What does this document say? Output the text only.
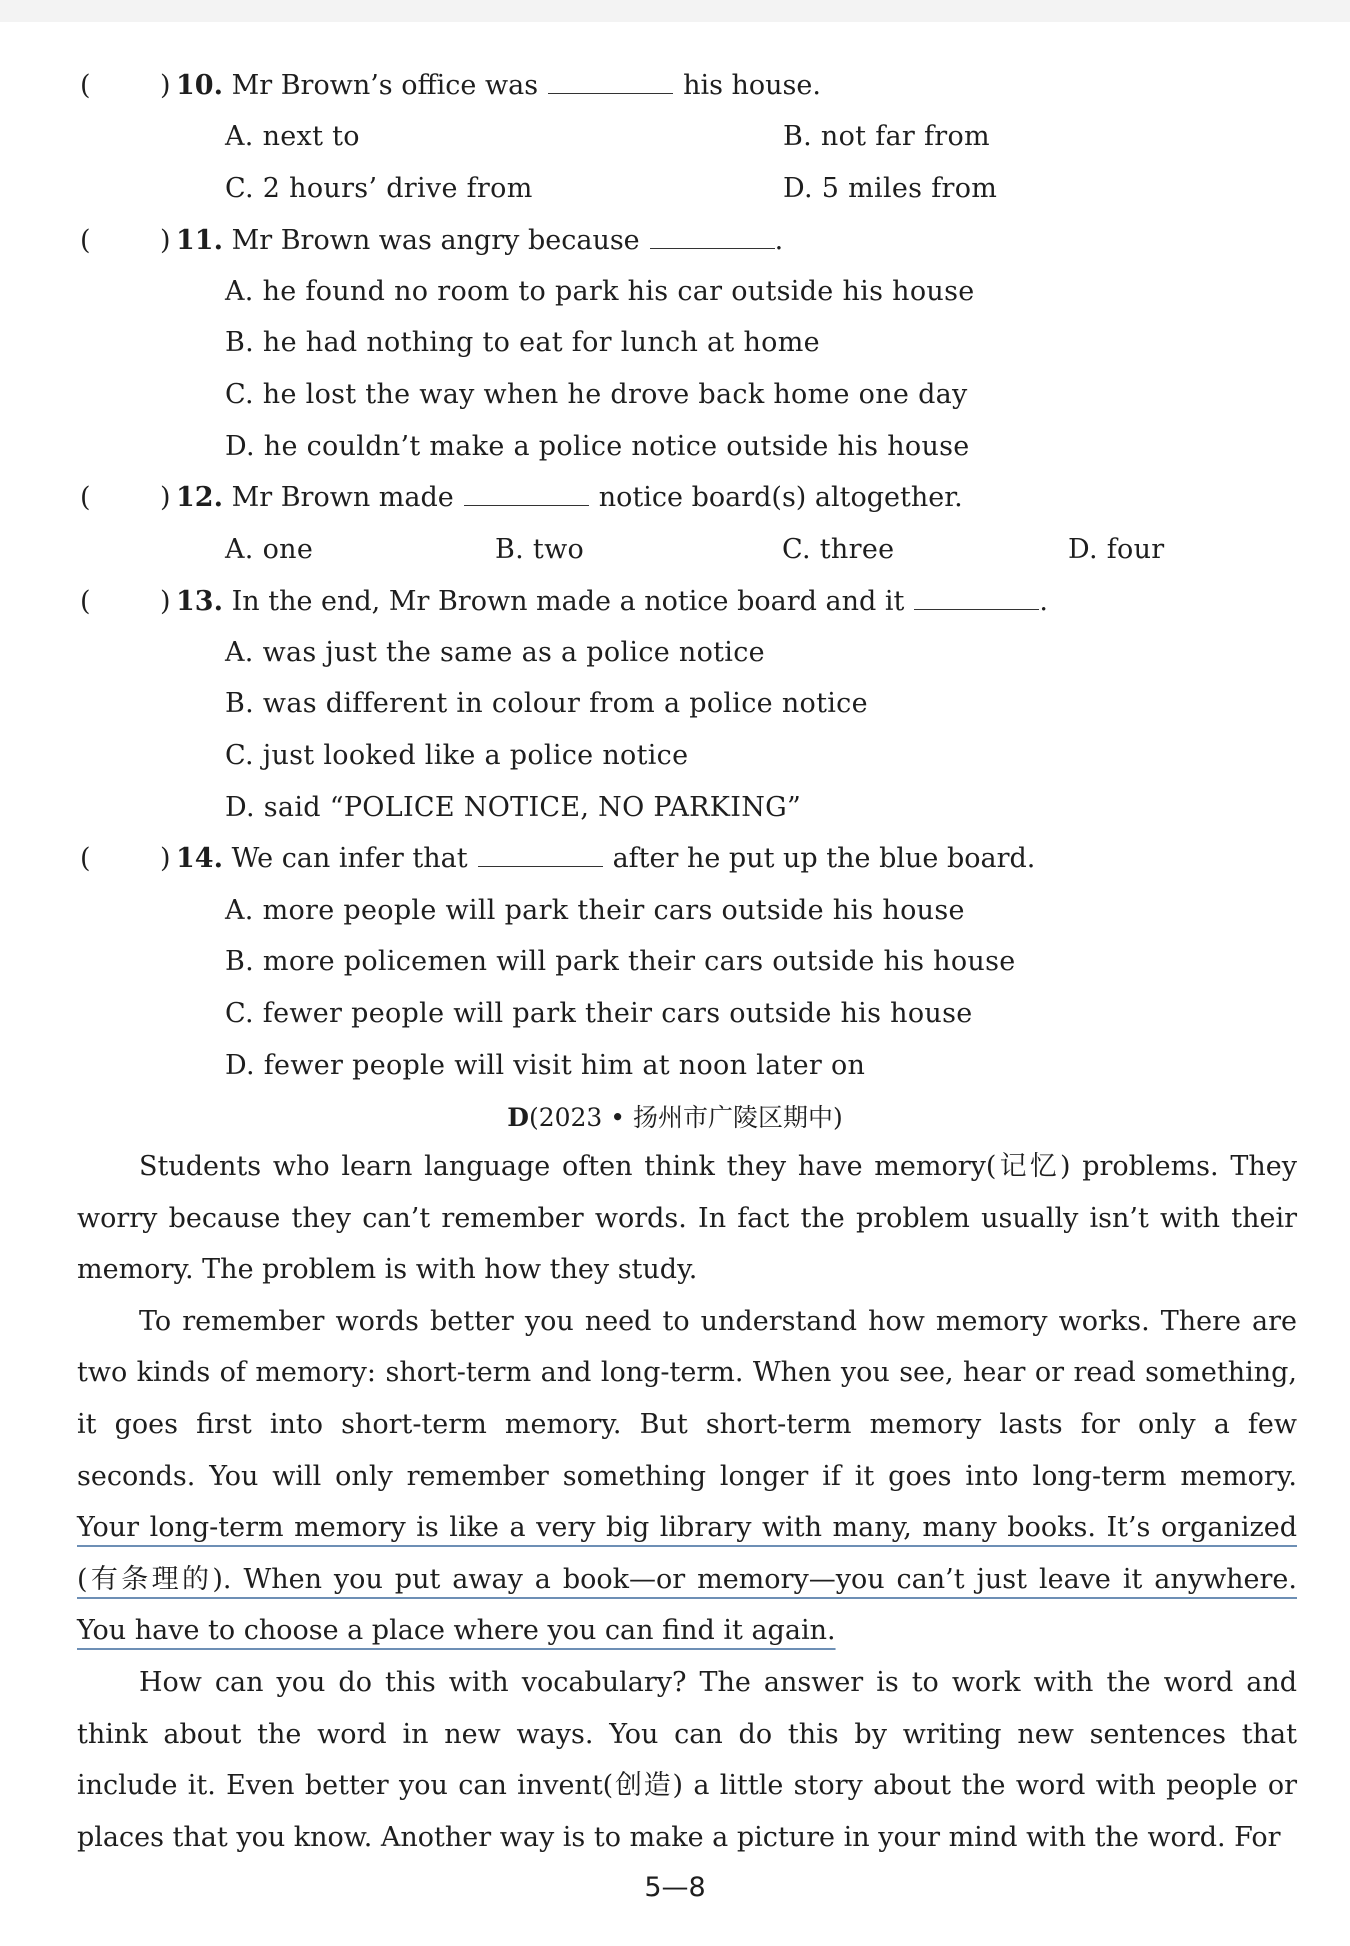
(	) 10. Mr Brown’s office was	his house.
A. next to	B. not far from
C. 2 hours’ drive from	D. 5 miles from
(	) 11. Mr Brown was angry because	.
A. he found no room to park his car outside his house
B. he had nothing to eat for lunch at home
C. he lost the way when he drove back home one day
D. he couldn’t make a police notice outside his house
(	) 12. Mr Brown made	notice board(s) altogether.
A. one	B. two	C. three	D. four
(	) 13. In the end, Mr Brown made a notice board and it	.
A. was just the same as a police notice
B. was different in colour from a police notice
C. just looked like a police notice
D. said “POLICE NOTICE, NO PARKING”
(	) 14. We can infer that	after he put up the blue board.
A. more people will park their cars outside his house
B. more policemen will park their cars outside his house
C. fewer people will park their cars outside his house
D. fewer people will visit him at noon later on
D(2023 • 扬州市广陵区期中)

Students who learn language often think they have memory(记忆) problems. They worry because they can’t remember words. In fact the problem usually isn’t with their memory. The problem is with how they study.

To remember words better you need to understand how memory works. There are two kinds of memory: short-term and long-term. When you see, hear or read something, it goes first into short-term memory. But short-term memory lasts for only a few seconds. You will only remember something longer if it goes into long-term memory. Your long-term memory is like a very big library with many, many books. It’s organized (有条理的). When you put away a book—or memory—you can’t just leave it anywhere. You have to choose a place where you can find it again.

How can you do this with vocabulary? The answer is to work with the word and think about the word in new ways. You can do this by writing new sentences that include it. Even better you can invent(创造) a little story about the word with people or places that you know. Another way is to make a picture in your mind with the word. For

5—8
